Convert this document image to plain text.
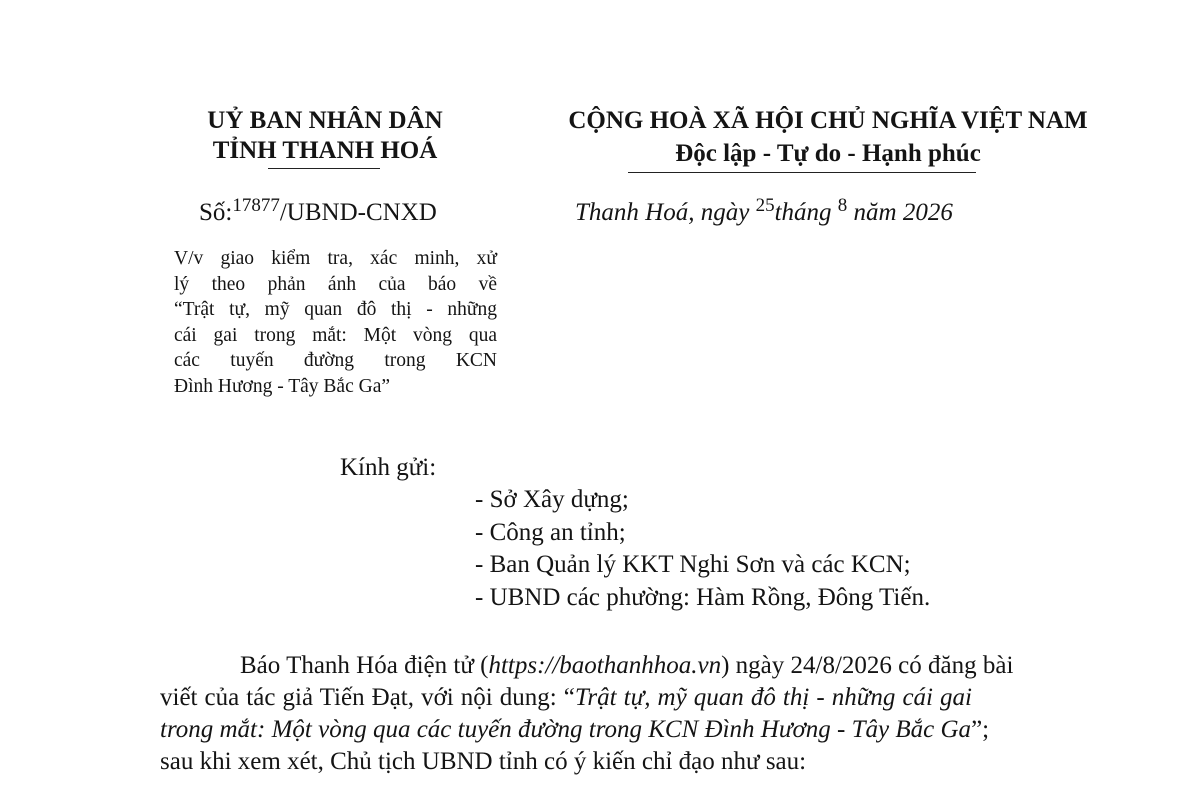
UỶ BAN NHÂN DÂN
TỈNH THANH HOÁ
Số:$^{17877}$/UBND-CNXD
V/v giao kiểm tra, xác minh, xử
lý theo phản ánh của báo về
“Trật tự, mỹ quan đô thị - những
cái gai trong mắt: Một vòng qua
các tuyến đường trong KCN
Đình Hương - Tây Bắc Ga”
CỘNG HOÀ XÃ HỘI CHỦ NGHĨA VIỆT NAM
Độc lập - Tự do - Hạnh phúc
Thanh Hoá, ngày $^{25}$tháng $^8$ năm 2026
Kính gửi:
- Sở Xây dựng;
- Công an tỉnh;
- Ban Quản lý KKT Nghi Sơn và các KCN;
- UBND các phường: Hàm Rồng, Đông Tiến.
Báo Thanh Hóa điện tử (https://baothanhhoa.vn) ngày 24/8/2026 có đăng bài
viết của tác giả Tiến Đạt, với nội dung: “Trật tự, mỹ quan đô thị - những cái gai
trong mắt: Một vòng qua các tuyến đường trong KCN Đình Hương - Tây Bắc Ga”;
sau khi xem xét, Chủ tịch UBND tỉnh có ý kiến chỉ đạo như sau:
